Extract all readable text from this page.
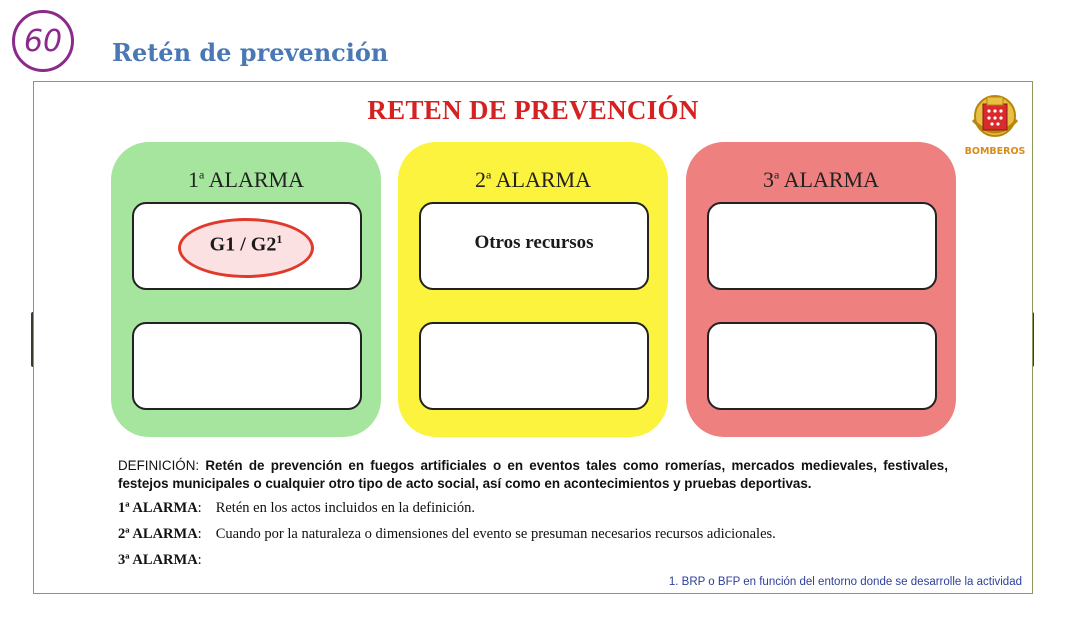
60	Retén de prevención
RETEN DE PREVENCIÓN
BOMBEROS
1$^a$ ALARMA
$G1 / G2^1$
2$^a$ ALARMA
Otros recursos
3$^a$ ALARMA
DEFINICIÓN: Retén de prevención en fuegos artificiales o en eventos tales como romerías, mercados medievales, festivales, festejos municipales o cualquier otro tipo de acto social, así como en acontecimientos y pruebas deportivas.
1ª ALARMA: Retén en los actos incluidos en la definición.
2ª ALARMA: Cuando por la naturaleza o dimensiones del evento se presuman necesarios recursos adicionales.
3ª ALARMA:
1. BRP o BFP en función del entorno donde se desarrolle la actividad
